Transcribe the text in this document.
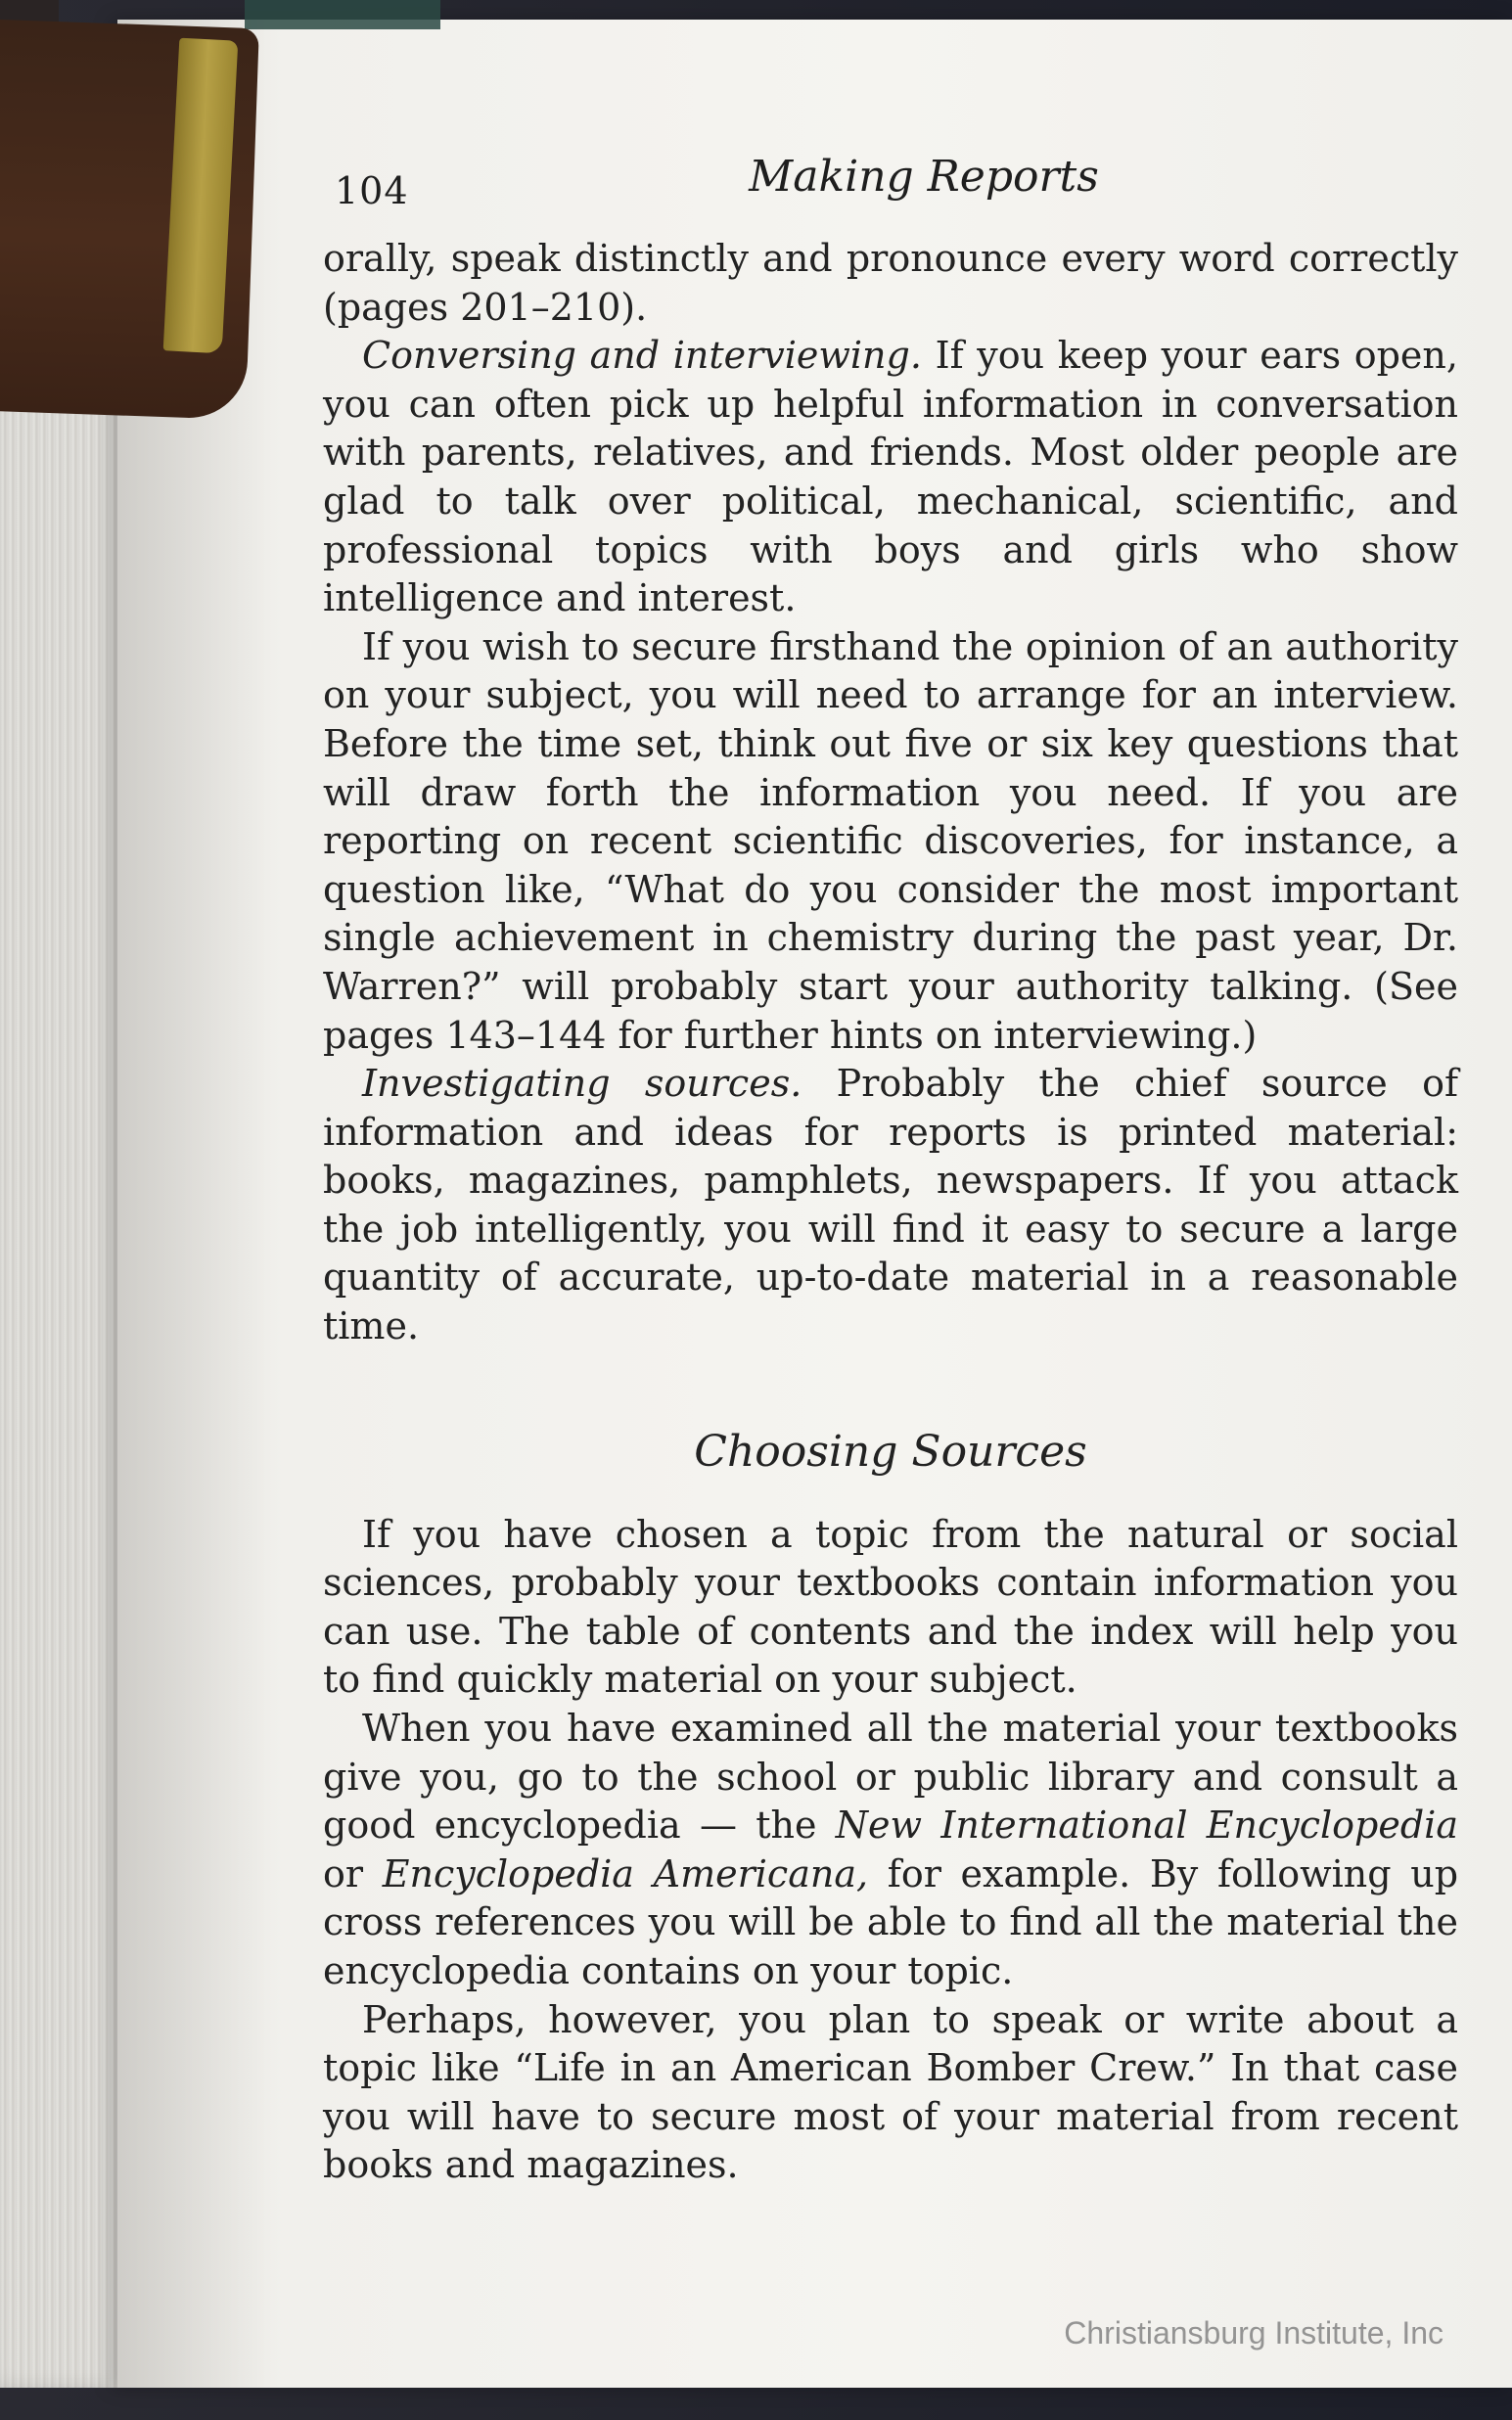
104	Making Reports

orally, speak distinctly and pronounce every word correctly (pages 201–210).

Conversing and interviewing. If you keep your ears open, you can often pick up helpful information in conversation with parents, relatives, and friends. Most older people are glad to talk over political, mechanical, scientific, and professional topics with boys and girls who show intelligence and interest.

If you wish to secure firsthand the opinion of an authority on your subject, you will need to arrange for an interview. Before the time set, think out five or six key questions that will draw forth the information you need. If you are reporting on recent scientific discoveries, for instance, a question like, “What do you consider the most important single achievement in chemistry during the past year, Dr. Warren?” will probably start your authority talking. (See pages 143–144 for further hints on interviewing.)

Investigating sources. Probably the chief source of information and ideas for reports is printed material: books, magazines, pamphlets, newspapers. If you attack the job intelligently, you will find it easy to secure a large quantity of accurate, up-to-date material in a reasonable time.

Choosing Sources

If you have chosen a topic from the natural or social sciences, probably your textbooks contain information you can use. The table of contents and the index will help you to find quickly material on your subject.

When you have examined all the material your textbooks give you, go to the school or public library and consult a good encyclopedia — the New International Encyclopedia or Encyclopedia Americana, for example. By following up cross references you will be able to find all the material the encyclopedia contains on your topic.

Perhaps, however, you plan to speak or write about a topic like “Life in an American Bomber Crew.” In that case you will have to secure most of your material from recent books and magazines.

Christiansburg Institute, Inc
